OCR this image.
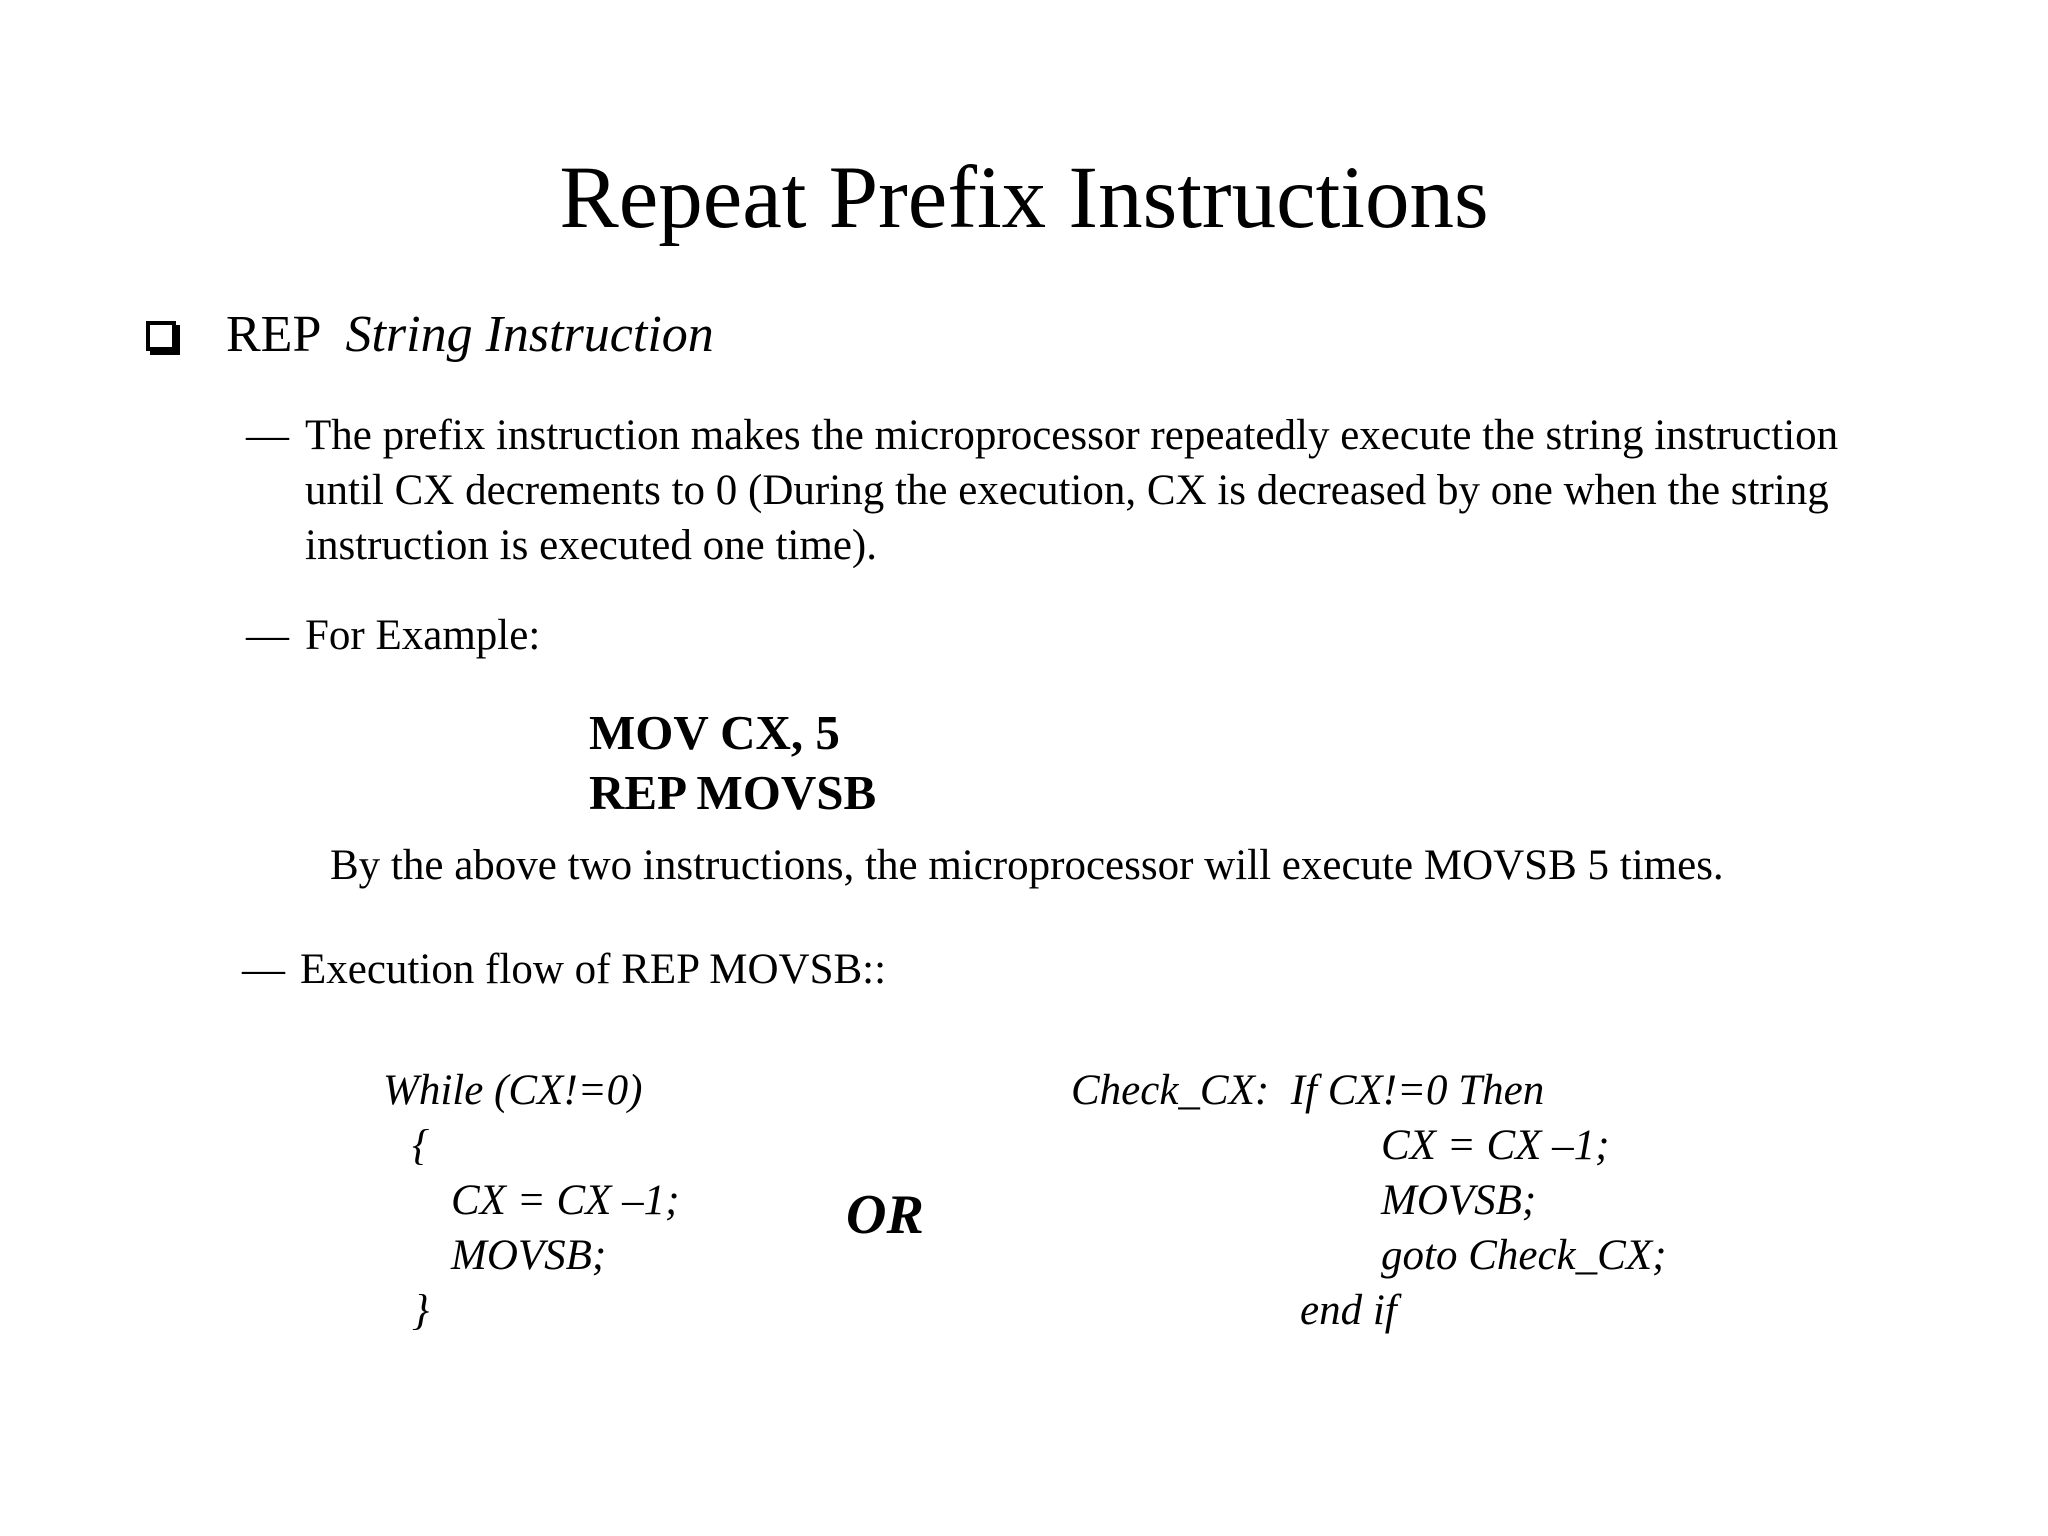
Repeat Prefix Instructions
REP String Instruction
— The prefix instruction makes the microprocessor repeatedly execute the string instruction
until CX decrements to 0 (During the execution, CX is decreased by one when the string
instruction is executed one time).
— For Example:
MOV CX, 5
REP MOVSB
By the above two instructions, the microprocessor will execute MOVSB 5 times.
— Execution flow of REP MOVSB::
While (CX!=0)
{
CX = CX –1;
MOVSB;
}
OR
Check_CX:  If CX!=0 Then
CX = CX –1;
MOVSB;
goto Check_CX;
end if
